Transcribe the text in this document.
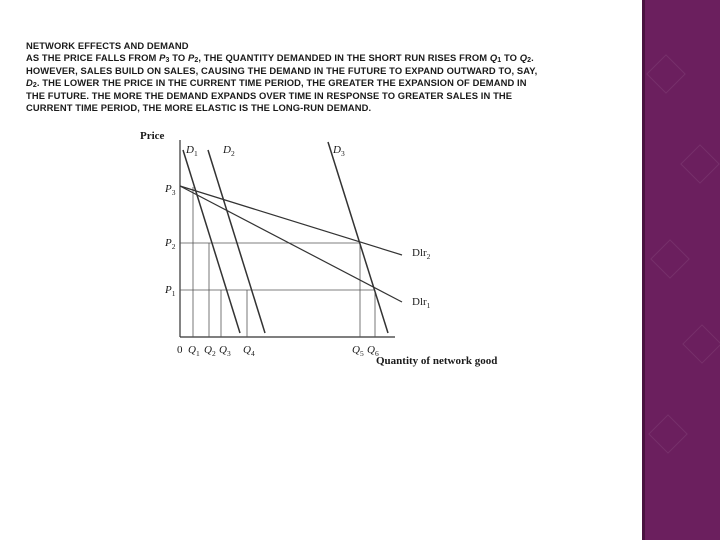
NETWORK EFFECTS AND DEMAND
AS THE PRICE FALLS FROM $P_3$ TO $P_2$, THE QUANTITY DEMANDED IN THE SHORT RUN RISES FROM $Q_1$ TO $Q_2$.
HOWEVER, SALES BUILD ON SALES, CAUSING THE DEMAND IN THE FUTURE TO EXPAND OUTWARD TO, SAY,
$D_2$. THE LOWER THE PRICE IN THE CURRENT TIME PERIOD, THE GREATER THE EXPANSION OF DEMAND IN
THE FUTURE. THE MORE THE DEMAND EXPANDS OVER TIME IN RESPONSE TO GREATER SALES IN THE
CURRENT TIME PERIOD, THE MORE ELASTIC IS THE LONG-RUN DEMAND.
Price
Quantity of network good
0
$D_1$ $D_2$	$D_3$
Dlr$_2$
Dlr$_1$
$P_3$
$P_2$
$P_1$
$Q_1$ $Q_2$ $Q_3$ $Q_4$	$Q_5$ $Q_6$
